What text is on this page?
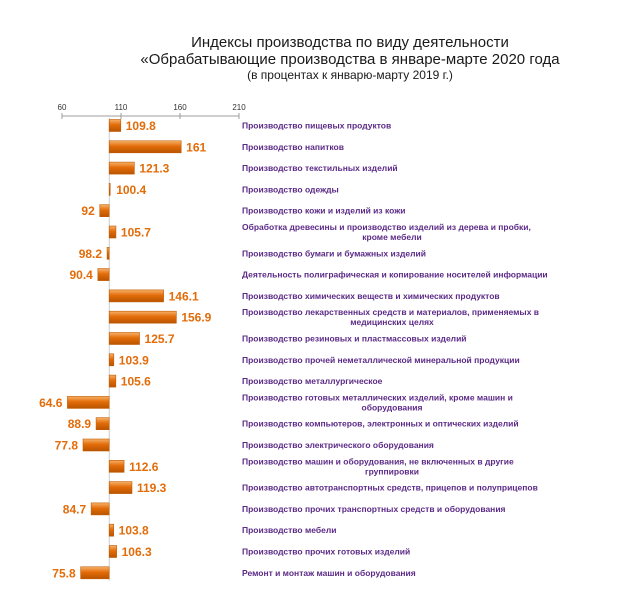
Индексы производства по виду деятельности
«Обрабатывающие производства в январе-марте 2020 года
(в процентах к январю-марту 2019 г.)
60	110	160	210
109.8	Производство пищевых продуктов
161	Производство напитков
121.3	Производство текстильных изделий
100.4	Производство одежды
92	Производство кожи и изделий из кожи
105.7	Обработка древесины и производство изделий из дерева и пробки, кроме мебели
98.2	Производство бумаги и бумажных изделий
90.4	Деятельность полиграфическая и копирование носителей информации
146.1	Производство химических веществ и химических продуктов
156.9	Производство лекарственных средств и материалов, применяемых в медицинских целях
125.7	Производство резиновых и пластмассовых изделий
103.9	Производство прочей неметаллической минеральной продукции
105.6	Производство металлургическое
64.6	Производство готовых металлических изделий, кроме машин и оборудования
88.9	Производство компьютеров, электронных и оптических изделий
77.8	Производство электрического оборудования
112.6	Производство машин и оборудования, не включенных в другие группировки
119.3	Производство автотранспортных средств, прицепов и полуприцепов
84.7	Производство прочих транспортных средств и оборудования
103.8	Производство мебели
106.3	Производство прочих готовых изделий
75.8	Ремонт и монтаж машин и оборудования
